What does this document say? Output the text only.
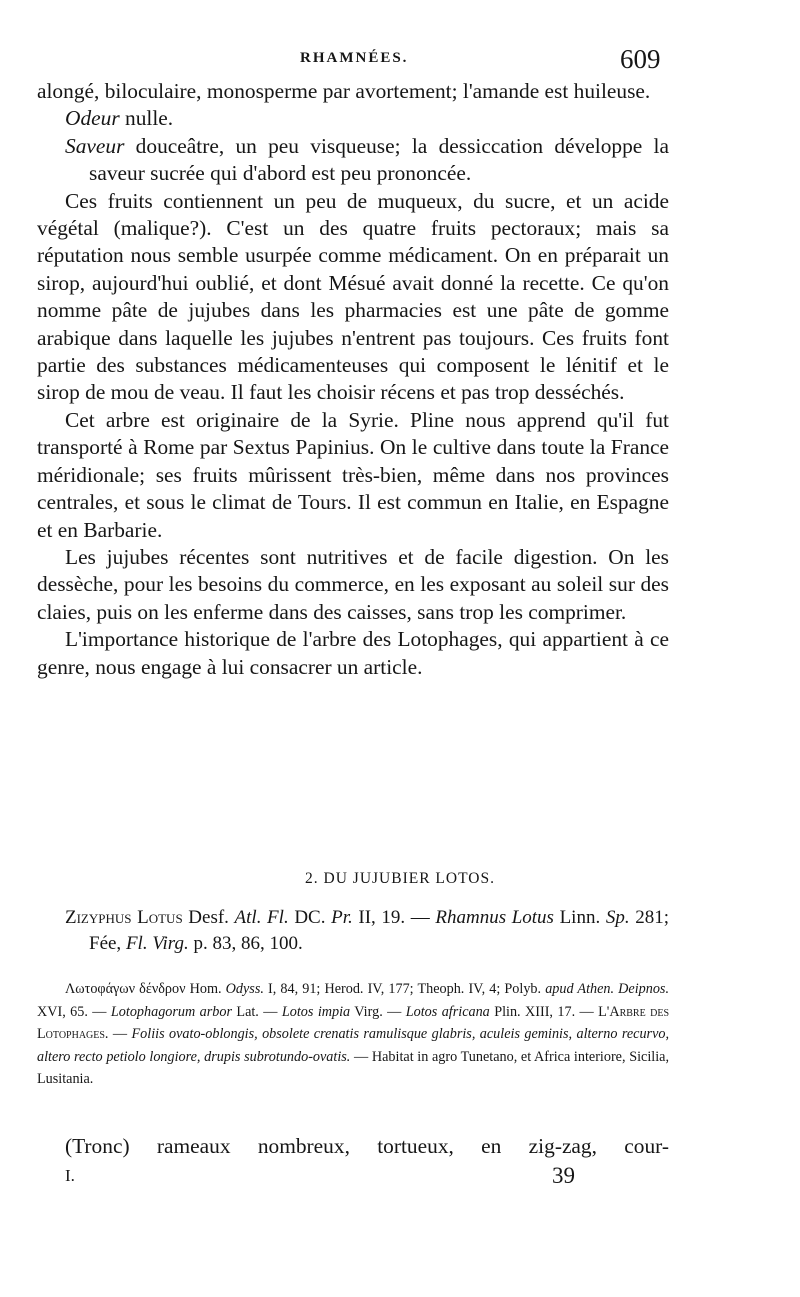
RHAMNÉES.	609

alongé, biloculaire, monosperme par avortement; l'amande est huileuse.

Odeur nulle.

Saveur douceâtre, un peu visqueuse; la dessiccation développe la saveur sucrée qui d'abord est peu prononcée.

Ces fruits contiennent un peu de muqueux, du sucre, et un acide végétal (malique?). C'est un des quatre fruits pectoraux; mais sa réputation nous semble usurpée comme médicament. On en préparait un sirop, aujourd'hui oublié, et dont Mésué avait donné la recette. Ce qu'on nomme pâte de jujubes dans les pharmacies est une pâte de gomme arabique dans laquelle les jujubes n'entrent pas toujours. Ces fruits font partie des substances médicamenteuses qui composent le lénitif et le sirop de mou de veau. Il faut les choisir récens et pas trop desséchés.

Cet arbre est originaire de la Syrie. Pline nous apprend qu'il fut transporté à Rome par Sextus Papinius. On le cultive dans toute la France méridionale; ses fruits mûrissent très-bien, même dans nos provinces centrales, et sous le climat de Tours. Il est commun en Italie, en Espagne et en Barbarie.

Les jujubes récentes sont nutritives et de facile digestion. On les dessèche, pour les besoins du commerce, en les exposant au soleil sur des claies, puis on les enferme dans des caisses, sans trop les comprimer.

L'importance historique de l'arbre des Lotophages, qui appartient à ce genre, nous engage à lui consacrer un article.

2. DU JUJUBIER LOTOS.

Zizyphus Lotus Desf. Atl. Fl. DC. Pr. II, 19. — Rhamnus Lotus Linn. Sp. 281; Fée, Fl. Virg. p. 83, 86, 100.

Λωτοφάγων δένδρον Hom. Odyss. I, 84, 91; Herod. IV, 177; Theoph. IV, 4; Polyb. apud Athen. Deipnos. XVI, 65. — Lotophagorum arbor Lat. — Lotos impia Virg. — Lotos africana Plin. XIII, 17. — L'Arbre des Lotophages. — Foliis ovato-oblongis, obsolete crenatis ramulisque glabris, aculeis geminis, alterno recurvo, altero recto petiolo longiore, drupis subrotundo-ovatis. — Habitat in agro Tunetano, et Africa interiore, Sicilia, Lusitania.

(Tronc) rameaux nombreux, tortueux, en zig-zag, cour-
I.	39
